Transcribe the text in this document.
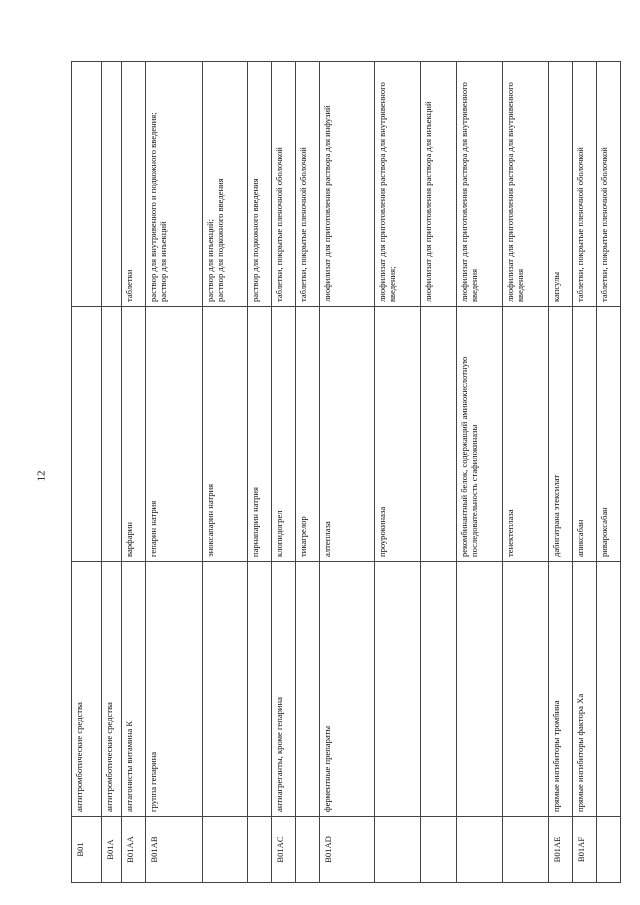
12
B01	антитромботические средства		
B01A	антитромботические средства		
B01AA	антагонисты витамина К	варфарин	таблетки
B01AB	группа гепарина	гепарин натрия	раствор для внутривенного и подкожного введения;
раствор для инъекций
		эноксапарин натрия	раствор для инъекций;
раствор для подкожного введения
		парнапарин натрия	раствор для подкожного введения
B01AC	антиагреганты, кроме гепарина	клопидогрел	таблетки, покрытые пленочной оболочкой
		тикагрелор	таблетки, покрытые пленочной оболочкой
B01AD	ферментные препараты	алтеплаза	лиофилизат для приготовления раствора для инфузий
		проурокиназа	лиофилизат для приготовления раствора для внутривенного введения;
			лиофилизат для приготовления раствора для инъекций
		рекомбинантный белок, содержащий аминокислотную последовательность стафилокиназы	лиофилизат для приготовления раствора для внутривенного введения
		тенектеплаза	лиофилизат для приготовления раствора для внутривенного введения
B01AE	прямые ингибиторы тромбина	дабигатрана этексилат	капсулы
B01AF	прямые ингибиторы фактора Xa	апиксабан	таблетки, покрытые пленочной оболочкой
		ривароксабан	таблетки, покрытые пленочной оболочкой
